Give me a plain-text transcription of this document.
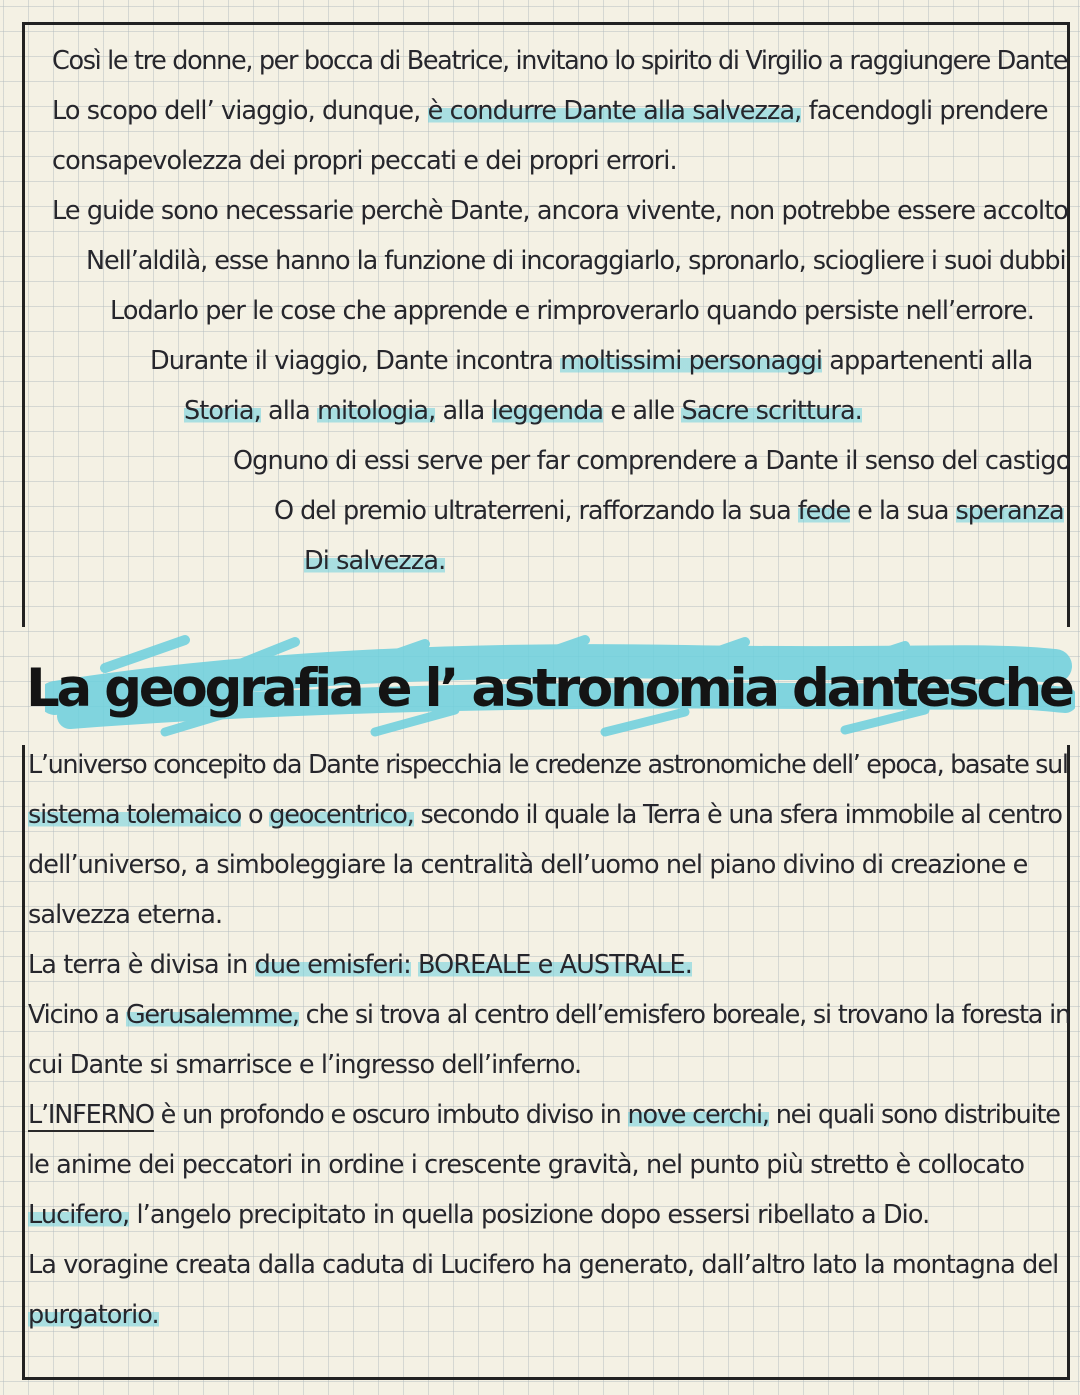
Così le tre donne, per bocca di Beatrice, invitano lo spirito di Virgilio a raggiungere Dante
Lo scopo dell’ viaggio, dunque, è condurre Dante alla salvezza, facendogli prendere
consapevolezza dei propri peccati e dei propri errori.
Le guide sono necessarie perchè Dante, ancora vivente, non potrebbe essere accolto
Nell’aldilà, esse hanno la funzione di incoraggiarlo, spronarlo, sciogliere i suoi dubbi
Lodarlo per le cose che apprende e rimproverarlo quando persiste nell’errore.
Durante il viaggio, Dante incontra moltissimi personaggi appartenenti alla
Storia, alla mitologia, alla leggenda e alle Sacre scrittura.
Ognuno di essi serve per far comprendere a Dante il senso del castigo
O del premio ultraterreni, rafforzando la sua fede e la sua speranza
Di salvezza.
La geografia e l’ astronomia dantesche
L’universo concepito da Dante rispecchia le credenze astronomiche dell’ epoca, basate sul
sistema tolemaico o geocentrico, secondo il quale la Terra è una sfera immobile al centro
dell’universo, a simboleggiare la centralità dell’uomo nel piano divino di creazione e
salvezza eterna.
La terra è divisa in due emisferi: BOREALE e AUSTRALE.
Vicino a Gerusalemme, che si trova al centro dell’emisfero boreale, si trovano la foresta in
cui Dante si smarrisce e l’ingresso dell’inferno.
L’INFERNO è un profondo e oscuro imbuto diviso in nove cerchi, nei quali sono distribuite
le anime dei peccatori in ordine i crescente gravità, nel punto più stretto è collocato
Lucifero, l’angelo precipitato in quella posizione dopo essersi ribellato a Dio.
La voragine creata dalla caduta di Lucifero ha generato, dall’altro lato la montagna del
purgatorio.
